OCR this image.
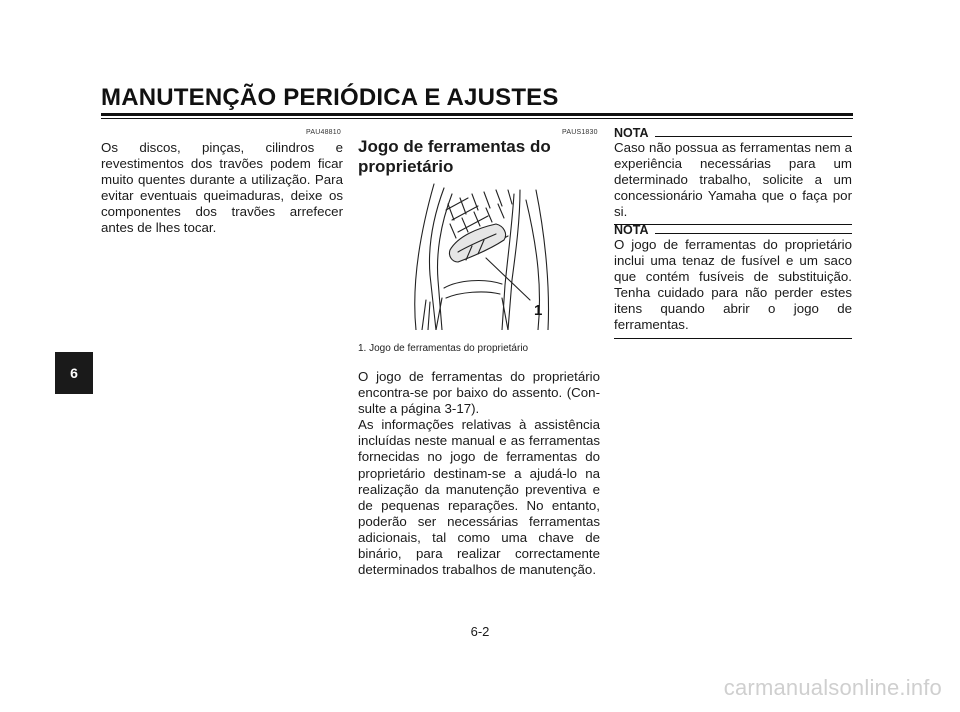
MANUTENÇÃO PERIÓDICA E AJUSTES
6
PAU48810
Os discos, pinças, cilindros e revestimentos dos travões podem ficar muito quentes durante a utilização. Para evitar eventuais queimaduras, deixe os componentes dos travões arrefecer antes de lhes tocar.
PAUS1830
Jogo de ferramentas do proprietário
1
1. Jogo de ferramentas do proprietário

O jogo de ferramentas do proprietário encontra-se por baixo do assento. (Consulte a página 3-17).

As informações relativas à assistência incluídas neste manual e as ferramentas fornecidas no jogo de ferramentas do proprietário destinam-se a ajudá-lo na realização da manutenção preventiva e de pequenas reparações. No entanto, poderão ser necessárias ferramentas adicionais, tal como uma chave de binário, para realizar correctamente determinados trabalhos de manutenção.

NOTA
Caso não possua as ferramentas nem a experiência necessárias para um determinado trabalho, solicite a um concessionário Yamaha que o faça por si.
NOTA
O jogo de ferramentas do proprietário inclui uma tenaz de fusível e um saco que contém fusíveis de substituição. Tenha cuidado para não perder estes itens quando abrir o jogo de ferramentas.
6-2
carmanualsonline.info
